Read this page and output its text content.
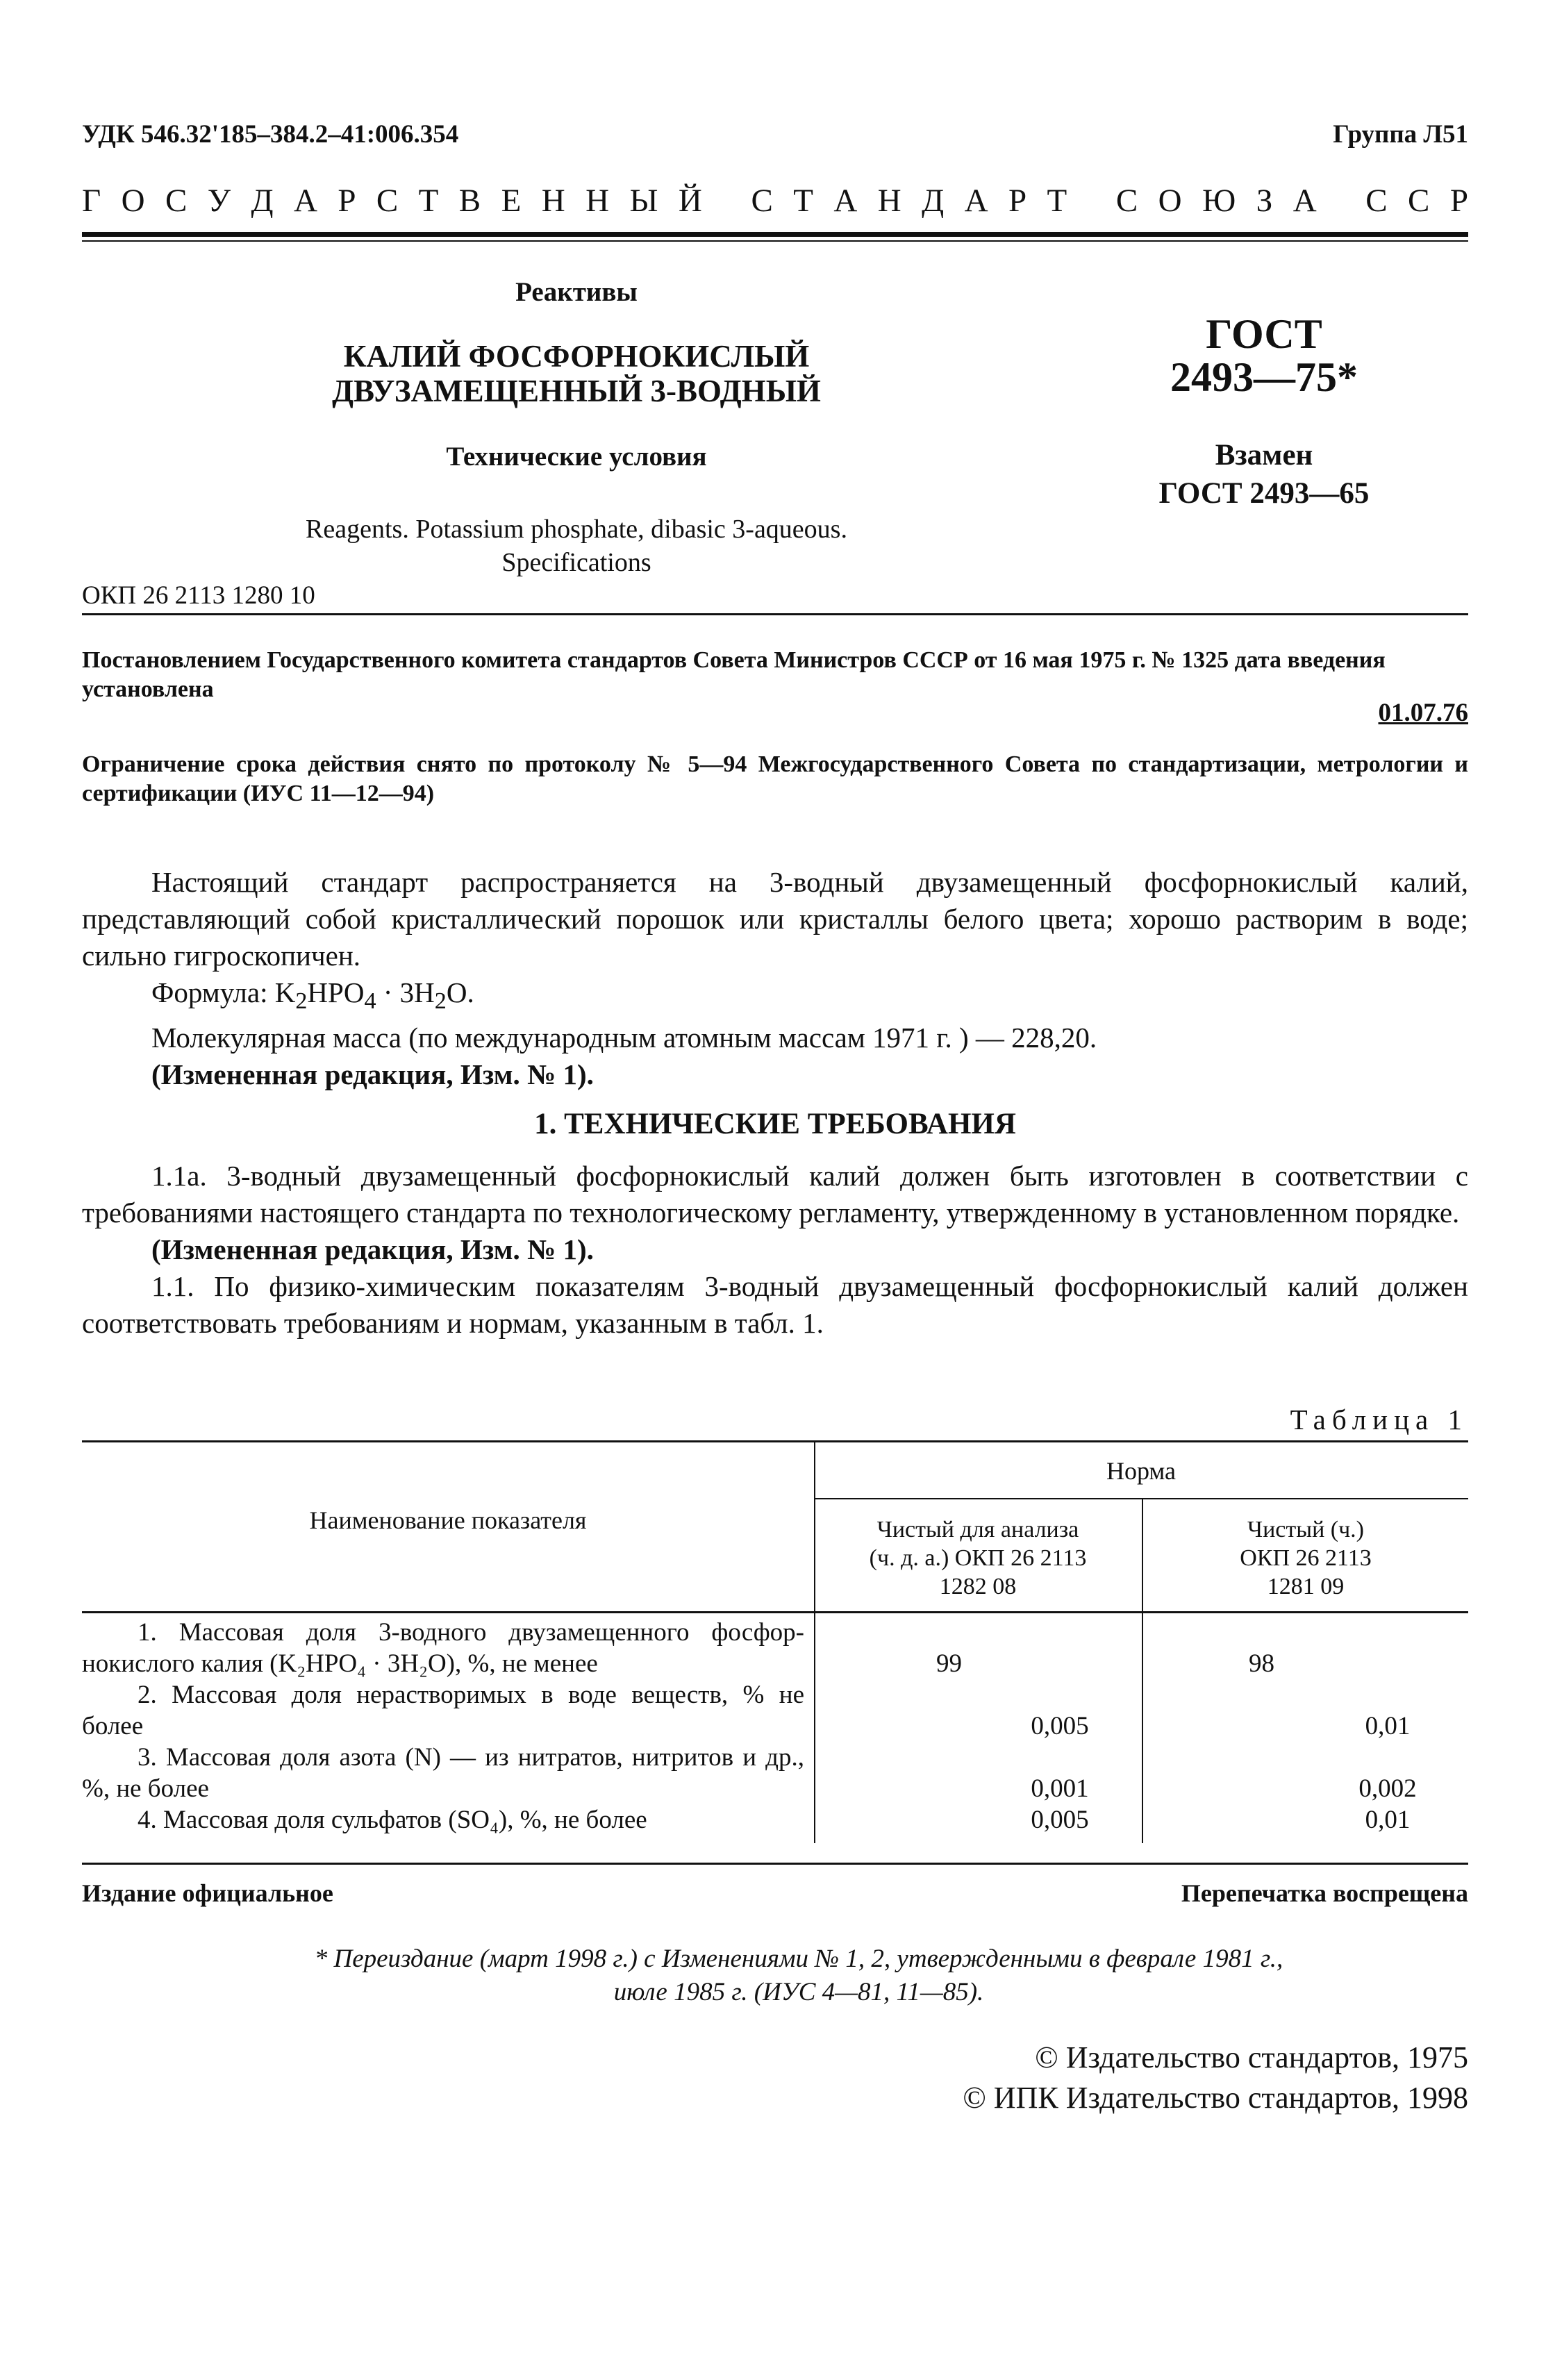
УДК 546.32'185–384.2–41:006.354	Группа Л51
Г О С У Д А Р С Т В Е Н Н Ы Й
С Т А Н Д А Р Т
С О Ю З А
С С Р
Реактивы
КАЛИЙ ФОСФОРНОКИСЛЫЙ
ДВУЗАМЕЩЕННЫЙ 3-ВОДНЫЙ
Технические условия
Reagents. Potassium phosphate, dibasic 3-aqueous.
Specifications
ОКП 26 2113 1280 10
ГОСТ
2493—75*
Взамен
ГОСТ 2493—65
Постановлением Государственного комитета стандартов Совета Министров СССР от 16 мая 1975 г. № 1325 дата введения установлена
01.07.76
Ограничение срока действия снято по протоколу № 5—94 Межгосударственного Совета по стандартизации, метрологии и сертификации (ИУС 11—12—94)

Настоящий стандарт распространяется на 3-водный двузамещенный фосфорнокислый калий, представляющий собой кристаллический порошок или кристаллы белого цвета; хорошо растворим в воде; сильно гигроскопичен.

Формула: $K_2HPO_4 \cdot 3H_2O$.

Молекулярная масса (по международным атомным массам 1971 г. ) — 228,20.

(Измененная редакция, Изм. № 1).

1. ТЕХНИЧЕСКИЕ ТРЕБОВАНИЯ

1.1а. 3-водный двузамещенный фосфорнокислый калий должен быть изготовлен в соответствии с требованиями настоящего стандарта по технологическому регламенту, утвержденному в установленном порядке.

(Измененная редакция, Изм. № 1).

1.1. По физико-химическим показателям 3-водный двузамещенный фосфорнокислый калий должен соответствовать требованиям и нормам, указанным в табл. 1.

Таблица 1
Наименование показателя
Норма
Чистый для анализа
(ч. д. а.) ОКП 26 2113
1282 08
Чистый (ч.)
ОКП 26 2113
1281 09
1. Массовая доля 3-водного двузамещенного фосфор- нокислого калия (K₂HPO₄ · 3H₂O), %, не менее	99	98
2. Массовая доля нерастворимых в воде веществ, % не более	0,005	0,01
3. Массовая доля азота (N) — из нитратов, нитритов и др., %, не более	0,001	0,002
4. Массовая доля сульфатов (SO₄), %, не более	0,005	0,01
Издание официальное	Перепечатка воспрещена
* Переиздание (март 1998 г.) с Изменениями № 1, 2, утвержденными в феврале 1981 г.,
июле 1985 г. (ИУС 4—81, 11—85).
© Издательство стандартов, 1975
© ИПК Издательство стандартов, 1998
